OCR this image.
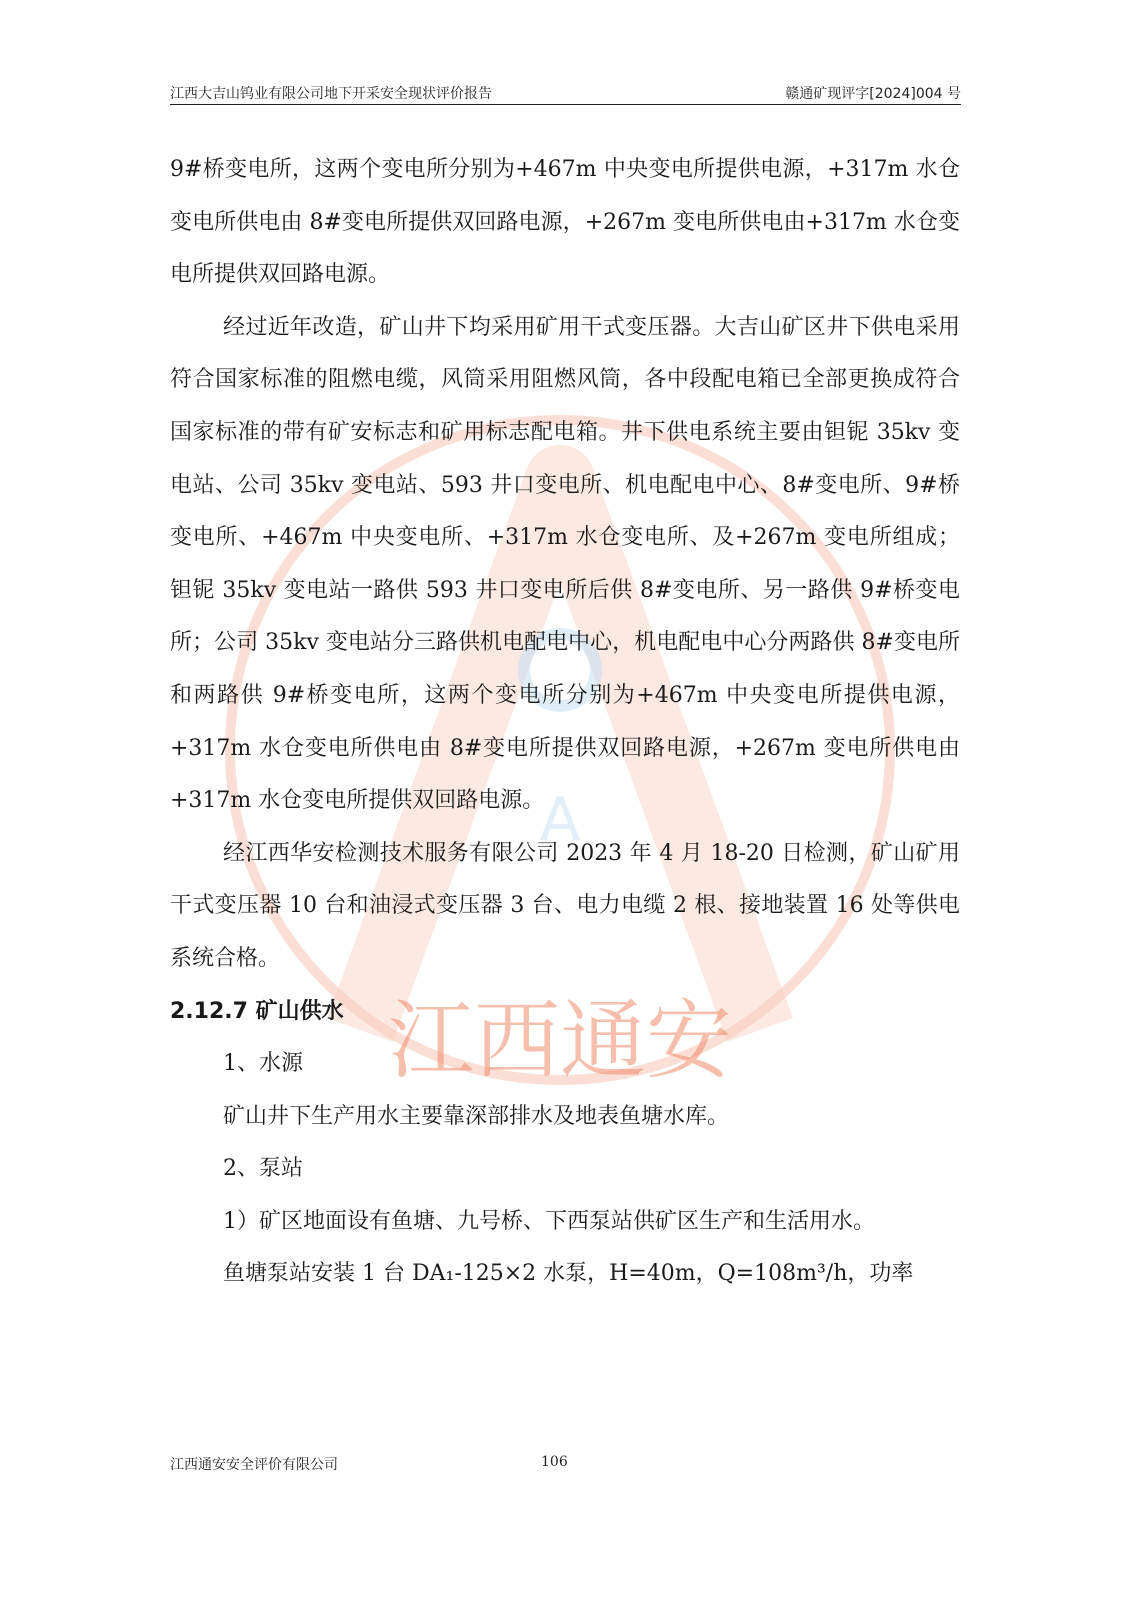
江西大吉山钨业有限公司地下开采安全现状评价报告	赣通矿现评字[2024]004 号
A
江西通安

9#桥变电所，这两个变电所分别为+467m 中央变电所提供电源，+317m 水仓变电所供电由 8#变电所提供双回路电源，+267m 变电所供电由+317m 水仓变电所提供双回路电源。

经过近年改造，矿山井下均采用矿用干式变压器。大吉山矿区井下供电采用符合国家标准的阻燃电缆，风筒采用阻燃风筒，各中段配电箱已全部更换成符合国家标准的带有矿安标志和矿用标志配电箱。井下供电系统主要由钽铌 35kv 变电站、公司 35kv 变电站、593 井口变电所、机电配电中心、8#变电所、9#桥变电所、+467m 中央变电所、+317m 水仓变电所、及+267m 变电所组成；钽铌 35kv 变电站一路供 593 井口变电所后供 8#变电所、另一路供 9#桥变电所；公司 35kv 变电站分三路供机电配电中心，机电配电中心分两路供 8#变电所和两路供 9#桥变电所，这两个变电所分别为+467m 中央变电所提供电源，+317m 水仓变电所供电由 8#变电所提供双回路电源，+267m 变电所供电由+317m 水仓变电所提供双回路电源。

经江西华安检测技术服务有限公司 2023 年 4 月 18-20 日检测，矿山矿用干式变压器 10 台和油浸式变压器 3 台、电力电缆 2 根、接地装置 16 处等供电系统合格。

2.12.7 矿山供水

1、水源

矿山井下生产用水主要靠深部排水及地表鱼塘水库。

2、泵站

1）矿区地面设有鱼塘、九号桥、下西泵站供矿区生产和生活用水。

鱼塘泵站安装 1 台 DA₁-125×2 水泵，H=40m，Q=108m³/h，功率

江西通安安全评价有限公司	106
